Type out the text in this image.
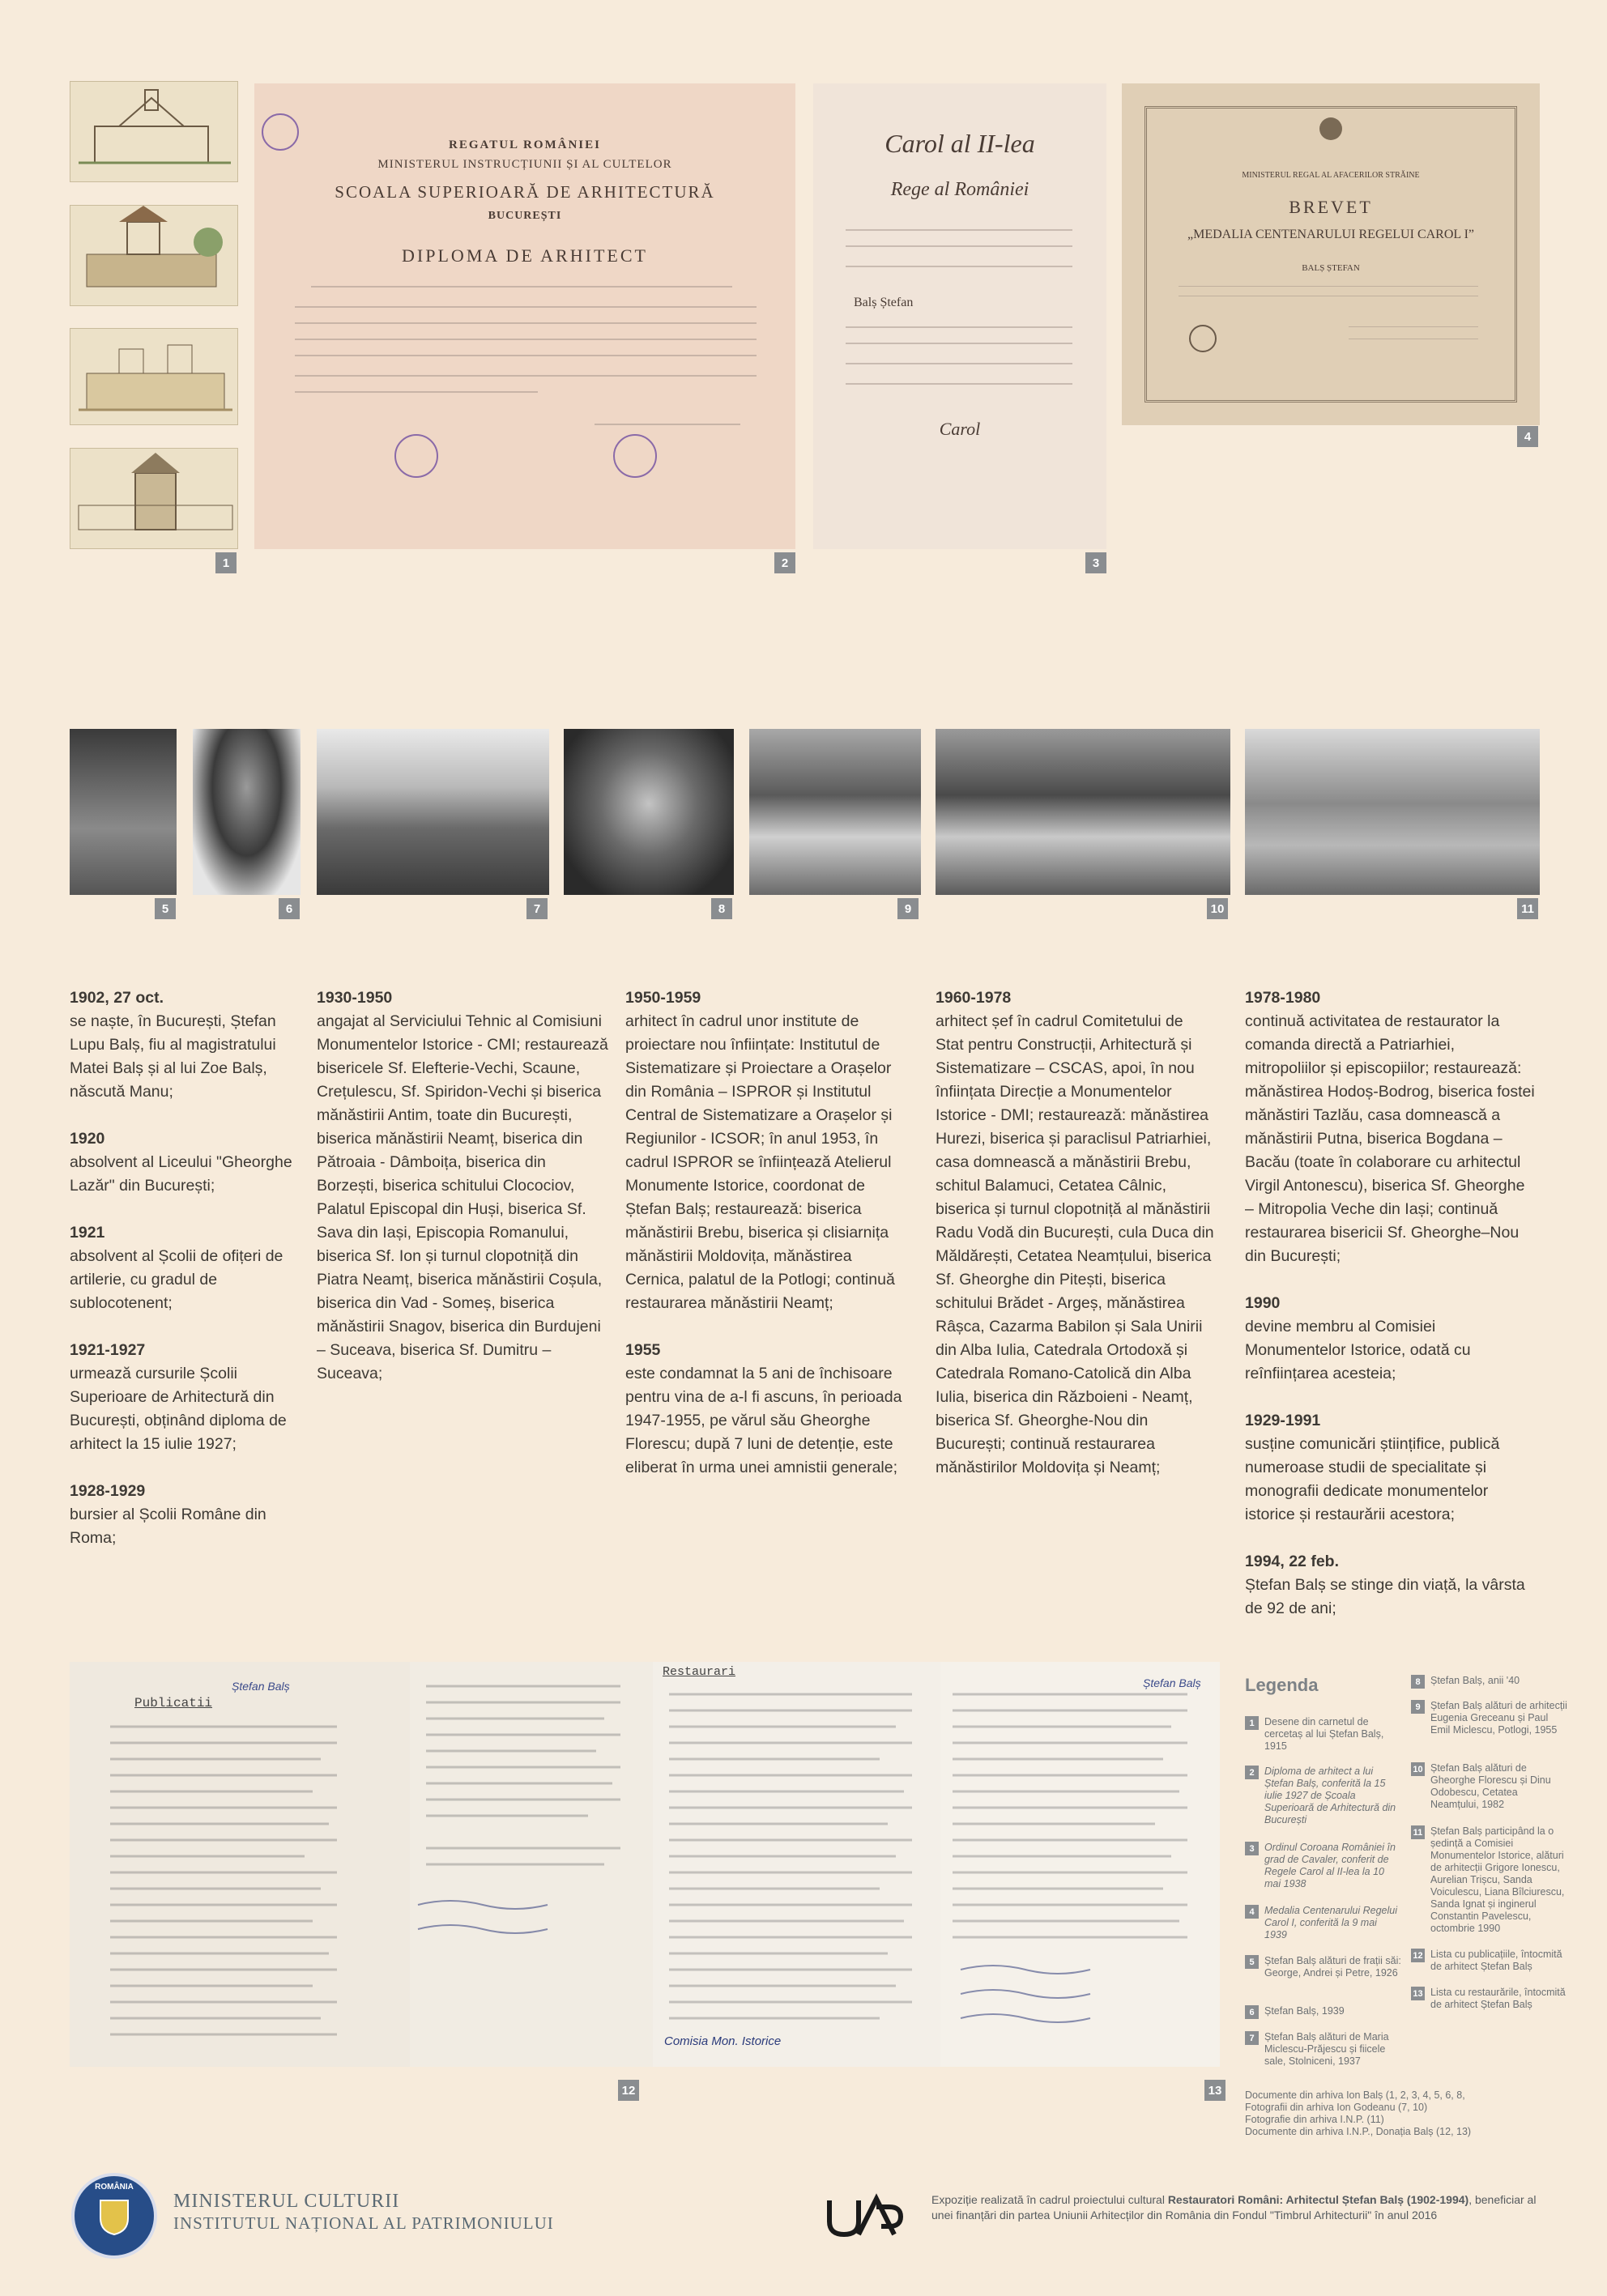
1
REGATUL ROMÂNIEI
MINISTERUL INSTRUCȚIUNII ȘI AL CULTELOR
SCOALA SUPERIOARĂ DE ARHITECTURĂ
BUCUREȘTI
DIPLOMA DE ARHITECT
2
Carol al II-lea
Rege al României
Balș Ștefan
Carol
3
MINISTERUL REGAL AL AFACERILOR STRĂINE
BREVET
„MEDALIA CENTENARULUI REGELUI CAROL I”
BALȘ ȘTEFAN
4
5	6	7	8	9	10	11
1902, 27 oct.
se naște, în București, Ștefan Lupu Balș, fiu al magistratului Matei Balș și al lui Zoe Balș, născută Manu;
1920
absolvent al Liceului "Gheorghe Lazăr" din București;
1921
absolvent al Școlii de ofițeri de artilerie, cu gradul de sublocotenent;
1921-1927
urmează cursurile Școlii Superioare de Arhitectură din București, obținând diploma de arhitect la 15 iulie 1927;
1928-1929
bursier al Școlii Române din Roma;
1930-1950
angajat al Serviciului Tehnic al Comisiuni Monumentelor Istorice - CMI; restaurează bisericele Sf. Elefterie-Vechi, Scaune, Crețulescu, Sf. Spiridon-Vechi și biserica mănăstirii Antim, toate din București, biserica mănăstirii Neamț, biserica din Pătroaia - Dâmboița, biserica din Borzești, biserica schitului Clocociov, Palatul Episcopal din Huși, biserica Sf. Sava din Iași, Episcopia Romanului, biserica Sf. Ion și turnul clopotniță din Piatra Neamț, biserica mănăstirii Coșula, biserica din Vad - Someș, biserica mănăstirii Snagov, biserica din Burdujeni – Suceava, biserica Sf. Dumitru – Suceava;
1950-1959
arhitect în cadrul unor institute de proiectare nou înființate: Institutul de Sistematizare și Proiectare a Orașelor din România – ISPROR și Institutul Central de Sistematizare a Orașelor și Regiunilor - ICSOR; în anul 1953, în cadrul ISPROR se înființează Atelierul Monumente Istorice, coordonat de Ștefan Balș; restaurează: biserica mănăstirii Brebu, biserica și clisiarnița mănăstirii Moldovița, mănăstirea Cernica, palatul de la Potlogi; continuă restaurarea mănăstirii Neamț;
1955
este condamnat la 5 ani de închisoare pentru vina de a-l fi ascuns, în perioada 1947-1955, pe vărul său Gheorghe Florescu; după 7 luni de detenție, este eliberat în urma unei amnistii generale;
1960-1978
arhitect șef în cadrul Comitetului de Stat pentru Construcții, Arhitectură și Sistematizare – CSCAS, apoi, în nou înființata Direcție a Monumentelor Istorice - DMI; restaurează: mănăstirea Hurezi, biserica și paraclisul Patriarhiei, casa domnească a mănăstirii Brebu, schitul Balamuci, Cetatea Câlnic, biserica și turnul clopotniță al mănăstirii Radu Vodă din București, cula Duca din Măldărești, Cetatea Neamțului, biserica Sf. Gheorghe din Pitești, biserica schitului Brădet - Argeș, mănăstirea Râșca, Cazarma Babilon și Sala Unirii din Alba Iulia, Catedrala Ortodoxă și Catedrala Romano-Catolică din Alba Iulia, biserica din Războieni - Neamț, biserica Sf. Gheorghe-Nou din București; continuă restaurarea mănăstirilor Moldovița și Neamț;
1978-1980
continuă activitatea de restaurator la comanda directă a Patriarhiei, mitropoliilor și episcopiilor; restaurează: mănăstirea Hodoș-Bodrog, biserica fostei mănăstiri Tazlău, casa domnească a mănăstirii Putna, biserica Bogdana – Bacău (toate în colaborare cu arhitectul Virgil Antonescu), biserica Sf. Gheorghe – Mitropolia Veche din Iași; continuă restaurarea bisericii Sf. Gheorghe–Nou din București;
1990
devine membru al Comisiei Monumentelor Istorice, odată cu reînființarea acesteia;
1929-1991
susține comunicări științifice, publică numeroase studii de specialitate și monografii dedicate monumentelor istorice și restaurării acestora;
1994, 22 feb.
Ștefan Balș se stinge din viață, la vârsta de 92 de ani;
Publicatii
Ștefan Balș
Restaurari
Comisia Mon. Istorice
Ștefan Balș
12	13
Legenda
1 Desene din carnetul de cercetaș al lui Ștefan Balș, 1915
2 Diploma de arhitect a lui Ștefan Balș, conferită la 15 iulie 1927 de Școala Superioară de Arhitectură din București
3 Ordinul Coroana României în grad de Cavaler, conferit de Regele Carol al II-lea la 10 mai 1938
4 Medalia Centenarului Regelui Carol I, conferită la 9 mai 1939
5 Ștefan Balș alături de frații săi: George, Andrei și Petre, 1926
6 Ștefan Balș, 1939
7 Ștefan Balș alături de Maria Miclescu-Prăjescu și fiicele sale, Stolniceni, 1937
8 Ștefan Balș, anii '40
9 Ștefan Balș alături de arhitecții Eugenia Greceanu și Paul Emil Miclescu, Potlogi, 1955
10 Ștefan Balș alături de Gheorghe Florescu și Dinu Odobescu, Cetatea Neamțului, 1982
11 Ștefan Balș participând la o ședință a Comisiei Monumentelor Istorice, alături de arhitecții Grigore Ionescu, Aurelian Trișcu, Sanda Voiculescu, Liana Bîlciurescu, Sanda Ignat și inginerul Constantin Pavelescu, octombrie 1990
12 Lista cu publicațiile, întocmită de arhitect Ștefan Balș
13 Lista cu restaurările, întocmită de arhitect Ștefan Balș
Documente din arhiva Ion Balș (1, 2, 3, 4, 5, 6, 8,
Fotografii din arhiva Ion Godeanu (7, 10)
Fotografie din arhiva I.N.P. (11)
Documente din arhiva I.N.P., Donația Balș (12, 13)
ROMÂNIA
MINISTERUL CULTURII
INSTITUTUL NAȚIONAL AL PATRIMONIULUI
Expoziție realizată în cadrul proiectului cultural Restauratori Români: Arhitectul Ștefan Balș (1902-1994), beneficiar al unei finanțări din partea Uniunii Arhitecților din România din Fondul "Timbrul Arhitecturii" în anul 2016
